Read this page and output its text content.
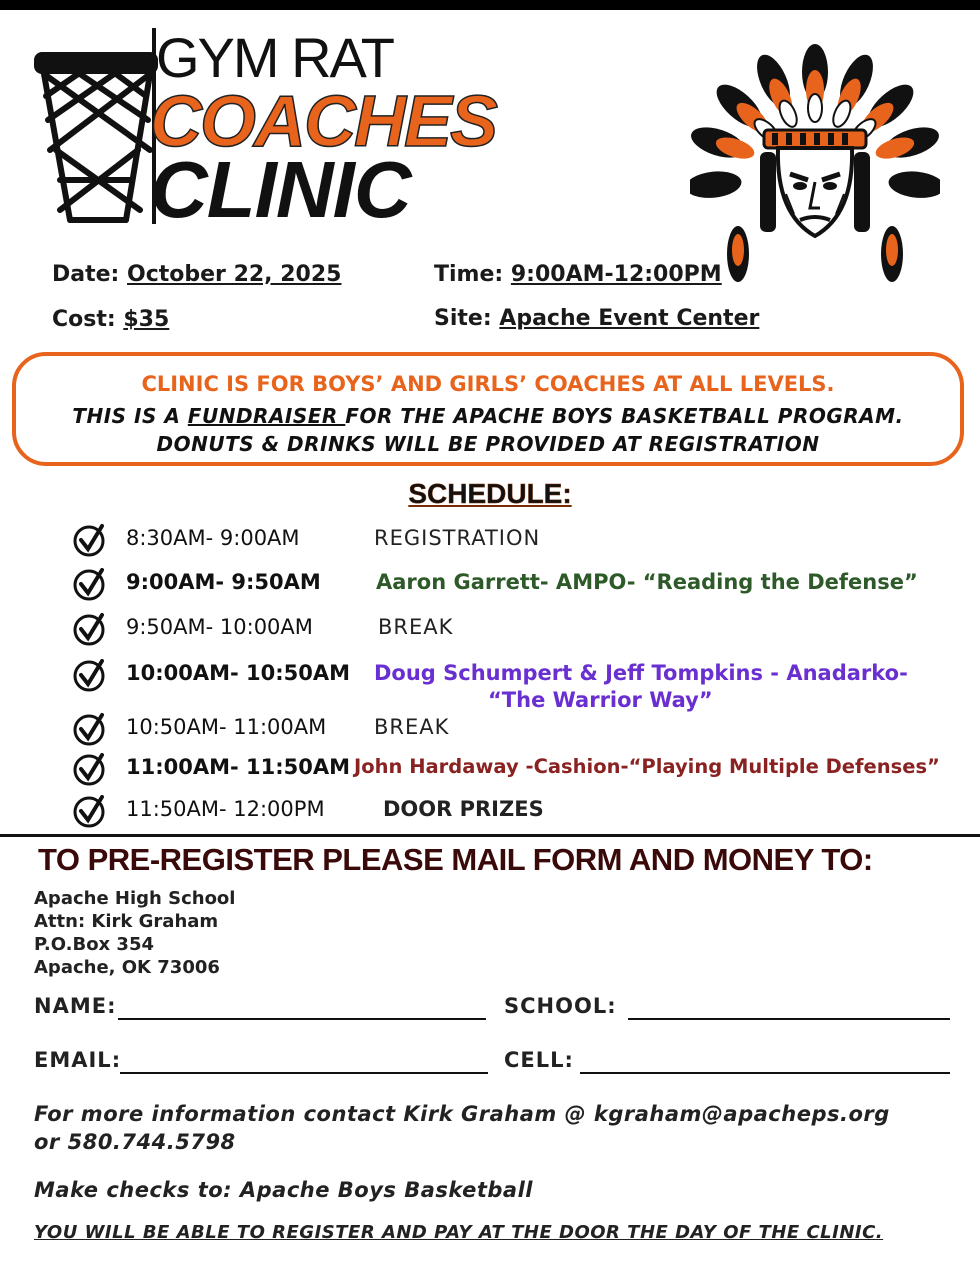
GYM RAT
COACHES
CLINIC
Date: October 22, 2025	Time: 9:00AM-12:00PM
Cost: $35	Site: Apache Event Center
CLINIC IS FOR BOYS’ AND GIRLS’ COACHES AT ALL LEVELS.
THIS IS A FUNDRAISER FOR THE APACHE BOYS BASKETBALL PROGRAM.
DONUTS & DRINKS WILL BE PROVIDED AT REGISTRATION
SCHEDULE:
8:30AM- 9:00AM	REGISTRATION
9:00AM- 9:50AM	Aaron Garrett- AMPO- “Reading the Defense”
9:50AM- 10:00AM	BREAK
10:00AM- 10:50AM Doug Schumpert & Jeff Tompkins - Anadarko-
“The Warrior Way”
10:50AM- 11:00AM BREAK
11:00AM- 11:50AM John Hardaway -Cashion-“Playing Multiple Defenses”
11:50AM- 12:00PM	DOOR PRIZES
TO PRE-REGISTER PLEASE MAIL FORM AND MONEY TO:
Apache High School
Attn: Kirk Graham
P.O.Box 354
Apache, OK 73006
NAME:	SCHOOL:
EMAIL:	CELL:
For more information contact Kirk Graham @ kgraham@apacheps.org
or 580.744.5798
Make checks to: Apache Boys Basketball
YOU WILL BE ABLE TO REGISTER AND PAY AT THE DOOR THE DAY OF THE CLINIC.
